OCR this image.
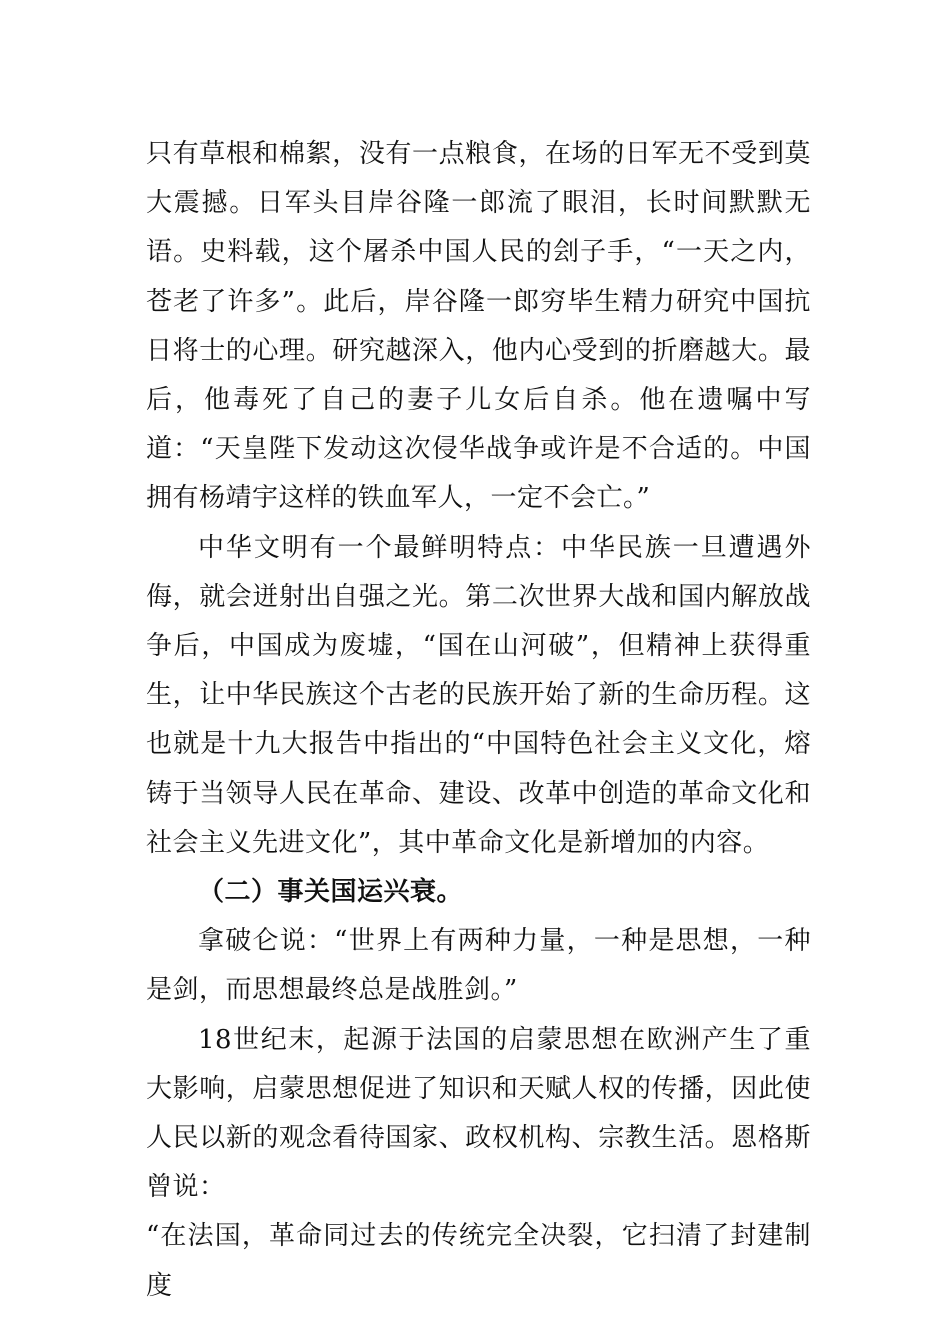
只有草根和棉絮，没有一点粮食，在场的日军无不受到莫大震撼。日军头目岸谷隆一郎流了眼泪，长时间默默无语。史料载，这个屠杀中国人民的刽子手，“一天之内，苍老了许多”。此后，岸谷隆一郎穷毕生精力研究中国抗日将士的心理。研究越深入，他内心受到的折磨越大。最后，他毒死了自己的妻子儿女后自杀。他在遗嘱中写道：“天皇陛下发动这次侵华战争或许是不合适的。中国拥有杨靖宇这样的铁血军人，一定不会亡。”

中华文明有一个最鲜明特点：中华民族一旦遭遇外侮，就会迸射出自强之光。第二次世界大战和国内解放战争后，中国成为废墟，“国在山河破”，但精神上获得重生，让中华民族这个古老的民族开始了新的生命历程。这也就是十九大报告中指出的“中国特色社会主义文化，熔铸于当领导人民在革命、建设、改革中创造的革命文化和社会主义先进文化”，其中革命文化是新增加的内容。

（二）事关国运兴衰。

拿破仑说：“世界上有两种力量，一种是思想，一种是剑，而思想最终总是战胜剑。”

18世纪末，起源于法国的启蒙思想在欧洲产生了重大影响，启蒙思想促进了知识和天赋人权的传播，因此使人民以新的观念看待国家、政权机构、宗教生活。恩格斯曾说：

“在法国，革命同过去的传统完全决裂，它扫清了封建制度
